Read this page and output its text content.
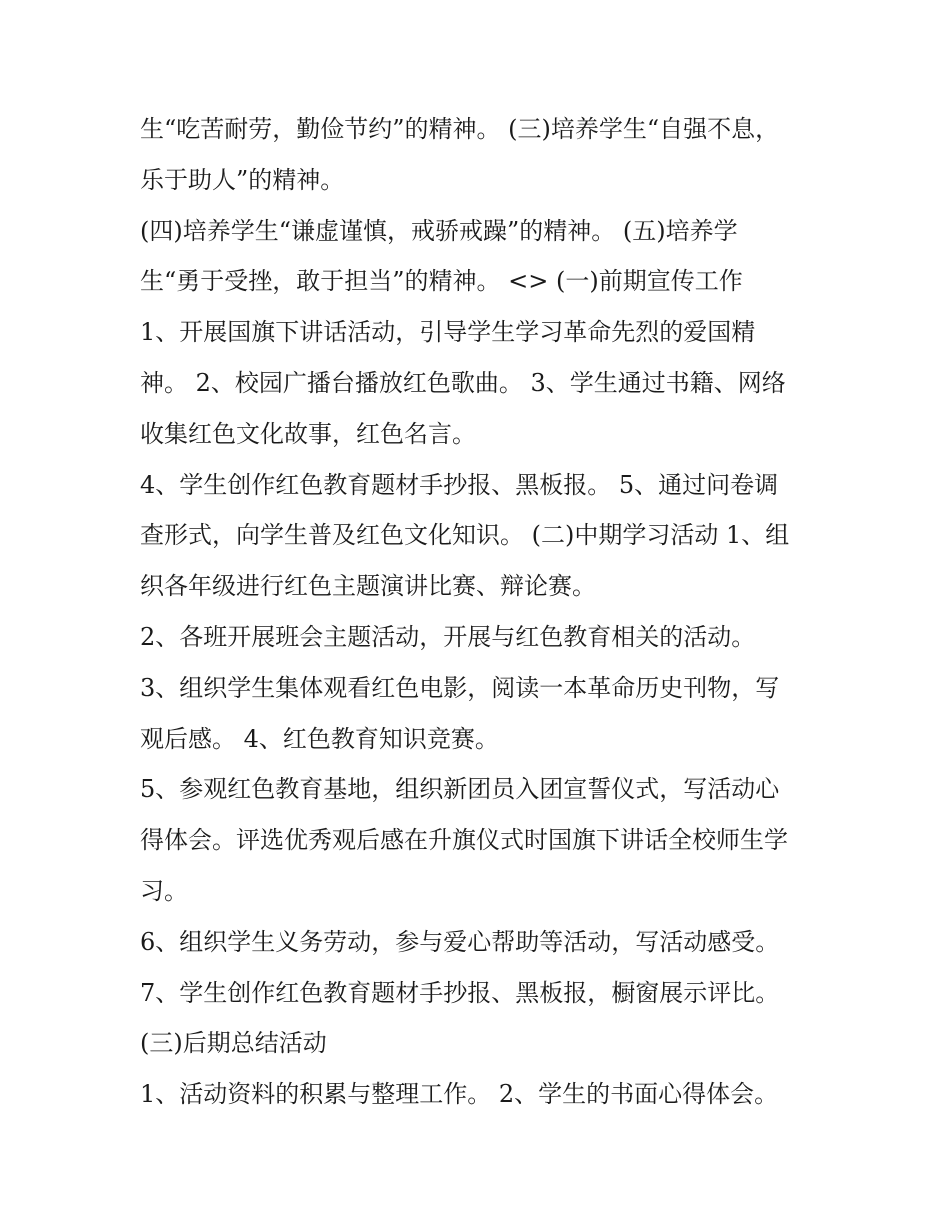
生“吃苦耐劳，勤俭节约”的精神。 (三)培养学生“自强不息，
乐于助人”的精神。
(四)培养学生“谦虚谨慎，戒骄戒躁”的精神。 (五)培养学
生“勇于受挫，敢于担当”的精神。 <> (一)前期宣传工作
1、开展国旗下讲话活动，引导学生学习革命先烈的爱国精
神。 2、校园广播台播放红色歌曲。 3、学生通过书籍、网络
收集红色文化故事，红色名言。
4、学生创作红色教育题材手抄报、黑板报。 5、通过问卷调
查形式，向学生普及红色文化知识。 (二)中期学习活动 1、组
织各年级进行红色主题演讲比赛、辩论赛。
2、各班开展班会主题活动，开展与红色教育相关的活动。
3、组织学生集体观看红色电影，阅读一本革命历史刊物，写
观后感。 4、红色教育知识竞赛。
5、参观红色教育基地，组织新团员入团宣誓仪式，写活动心
得体会。评选优秀观后感在升旗仪式时国旗下讲话全校师生学
习。
6、组织学生义务劳动，参与爱心帮助等活动，写活动感受。
7、学生创作红色教育题材手抄报、黑板报，橱窗展示评比。
(三)后期总结活动
1、活动资料的积累与整理工作。 2、学生的书面心得体会。
